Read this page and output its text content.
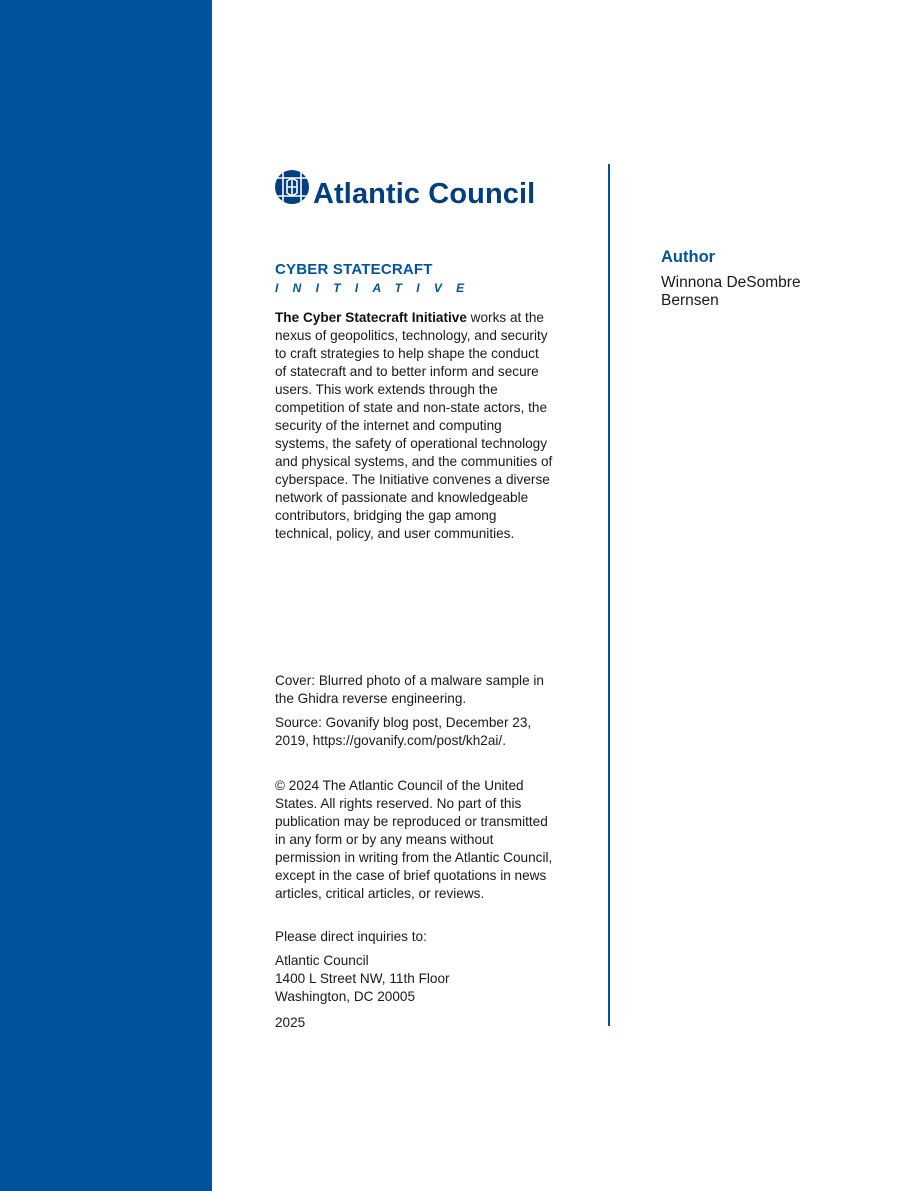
Atlantic Council
CYBER STATECRAFT
INITIATIVE

The Cyber Statecraft Initiative works at the nexus of geopolitics, technology, and security to craft strategies to help shape the conduct of statecraft and to better inform and secure users. This work extends through the competition of state and non-state actors, the security of the internet and computing systems, the safety of operational technology and physical systems, and the communities of cyberspace. The Initiative convenes a diverse network of passionate and knowledgeable contributors, bridging the gap among technical, policy, and user communities.

Cover: Blurred photo of a malware sample in the Ghidra reverse engineering.

Source: Govanify blog post, December 23, 2019, https://govanify.com/post/kh2ai/.

© 2024 The Atlantic Council of the United States. All rights reserved. No part of this publication may be reproduced or transmitted in any form or by any means without permission in writing from the Atlantic Council, except in the case of brief quotations in news articles, critical articles, or reviews.

Please direct inquiries to:

Atlantic Council
1400 L Street NW, 11th Floor
Washington, DC 20005

2025

Author
Winnona DeSombre Bernsen
